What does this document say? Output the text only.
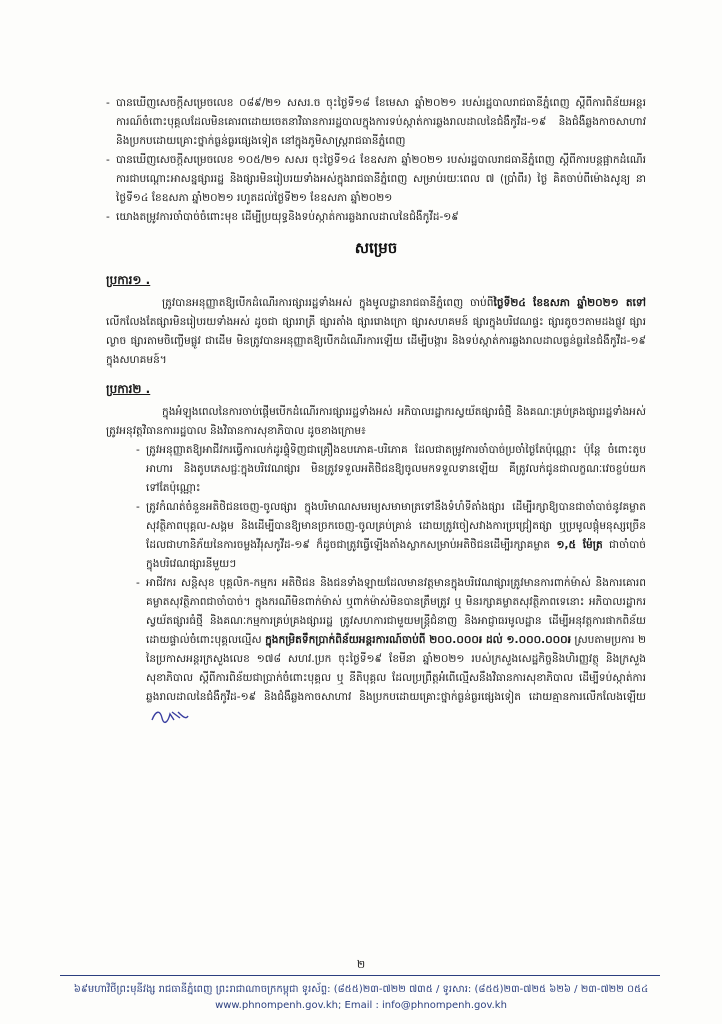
- បានឃើញសេចក្តីសម្រេចលេខ ០៨៩/២១ សសរ.ច ចុះថ្ងៃទី១៨ ខែមេសា ឆ្នាំ២០២១ របស់រដ្ឋបាលរាជធានីភ្នំពេញ ស្តីពីការពិន័យអន្តរការណ៍ចំពោះបុគ្គលដែលមិនគោរពដោយចេតនាវិធានការរដ្ឋបាលក្នុងការទប់ស្កាត់ការឆ្លងរាលដាលនៃជំងឺកូវីដ-១៩ និងជំងឺឆ្លងកាចសាហាវ និងប្រកបដោយគ្រោះថ្នាក់ធ្ងន់ធ្ងរផ្សេងទៀត នៅក្នុងភូមិសាស្ត្ររាជធានីភ្នំពេញ
- បានឃើញសេចក្តីសម្រេចលេខ ១០៥/២១ សសរ ចុះថ្ងៃទី១៤ ខែឧសភា ឆ្នាំ២០២១ របស់រដ្ឋបាលរាជធានីភ្នំពេញ ស្តីពីការបន្តផ្អាកដំណើរការជាបណ្តោះអាសន្នផ្សាររដ្ឋ និងផ្សារមិនរៀបរយទាំងអស់ក្នុងរាជធានីភ្នំពេញ សម្រាប់រយៈពេល ៧ (ប្រាំពីរ) ថ្ងៃ គិតចាប់ពីម៉ោងសូន្យ នាថ្ងៃទី១៤ ខែឧសភា ឆ្នាំ២០២១ រហូតដល់ថ្ងៃទី២១ ខែឧសភា ឆ្នាំ២០២១
- យោងតម្រូវការចាំបាច់ចំពោះមុខ ដើម្បីប្រយុទ្ធនិងទប់ស្កាត់ការឆ្លងរាលដាលនៃជំងឺកូវីដ-១៩
សម្រេច
ប្រការ១ .

ត្រូវបានអនុញ្ញាតឱ្យបើកដំណើរការផ្សាររដ្ឋទាំងអស់ ក្នុងមូលដ្ឋានរាជធានីភ្នំពេញ ចាប់ពីថ្ងៃទី២៤ ខែឧសភា ឆ្នាំ២០២១ តទៅ លើកលែងតែផ្សារមិនរៀបរយទាំងអស់ ដូចជា ផ្សាររាត្រី ផ្សារតាំង ផ្សាររោងក្រោ ផ្សារសហគមន៍ ផ្សារក្នុងបរិវេណផ្ទះ ផ្សារតូចៗតាមដងផ្លូវ ផ្សារល្ងាច ផ្សារតាមចិញ្ចើមផ្លូវ ជាដើម មិនត្រូវបានអនុញ្ញាតឱ្យបើកដំណើរការឡើយ ដើម្បីបង្ការ និងទប់ស្កាត់ការឆ្លងរាលដាលធ្ងន់ធ្ងរនៃជំងឺកូវីដ-១៩ ក្នុងសហគមន៍។

ប្រការ២ .

ក្នុងអំឡុងពេលនៃការចាប់ផ្តើមបើកដំណើរការផ្សាររដ្ឋទាំងអស់ អភិបាលរដ្ឋាករស្វយ័តផ្សារធំថ្មី និងគណៈគ្រប់គ្រងផ្សាររដ្ឋទាំងអស់ ត្រូវអនុវត្តវិធានការរដ្ឋបាល និងវិធានការសុខាភិបាល ដូចខាងក្រោម៖

- ត្រូវអនុញ្ញាតឱ្យអាជីវករធ្វើការលក់ដូរផ្ទុំទិញជាគ្រឿងឧបភោគ-បរិភោគ ដែលជាតម្រូវការចាំបាច់ប្រចាំថ្ងៃតែប៉ុណ្ណោះ ប៉ុន្តែ ចំពោះតូបអាហារ និងតូបភេសជ្ជៈក្នុងបរិវេណផ្សារ មិនត្រូវទទួលអតិថិជនឱ្យចូលមកទទួលទានឡើយ គឺត្រូវលក់ជូនជាលក្ខណៈវេចខ្ចប់យកទៅតែប៉ុណ្ណោះ
- ត្រូវកំណត់ចំនួនអតិថិជនចេញ-ចូលផ្សារ ក្នុងបរិមាណសមរម្យសមាមាត្រទៅនឹងទំហំទីតាំងផ្សារ ដើម្បីរក្សាឱ្យបានជាចាំបាច់នូវគម្លាតសុវត្ថិភាពបុគ្គល-សង្គម និងដើម្បីបានឱ្យមានច្រកចេញ-ចូលគ្រប់គ្រាន់ ដោយត្រូវចៀសវាងការប្រជ្រៀតផ្សា ឬប្រមូលផ្តុំមនុស្សច្រើន ដែលជាហានិភ័យនៃការចម្លងវីរុសកូវីដ-១៩ ក៏ដូចជាត្រូវធ្វើឡើងតាំងស្លាកសម្រាប់អតិថិជនដើម្បីរក្សាគម្លាត ១,៥ ម៉ែត្រ ជាចាំបាច់ក្នុងបរិវេណផ្សារនីមួយៗ
- អាជីវករ សន្តិសុខ បុគ្គលិក-កម្មករ អតិថិជន និងជនទាំងឡាយដែលមានវត្តមានក្នុងបរិវេណផ្សារត្រូវមានការពាក់ម៉ាស់ និងការគោរពគម្លាតសុវត្ថិភាពជាចាំបាច់។ ក្នុងករណីមិនពាក់ម៉ាស់ ឬពាក់ម៉ាស់មិនបានត្រឹមត្រូវ ឬ មិនរក្សាគម្លាតសុវត្ថិភាពទេនោះ អភិបាលរដ្ឋាករស្វយ័តផ្សារធំថ្មី និងគណៈកម្មការគ្រប់គ្រងផ្សាររដ្ឋ ត្រូវសហការជាមួយមន្ត្រីជំនាញ និងអាជ្ញាធរមូលដ្ឋាន ដើម្បីអនុវត្តការផាកពិន័យដោយផ្ទាល់ចំពោះបុគ្គលល្មើស ក្នុងកម្រិតទឹកប្រាក់ពិន័យអន្តរការណ៍ចាប់ពី ២០០.០០០៛ ដល់ ១.០០០.០០០៛ ស្របតាមប្រការ ២ នៃប្រកាសអន្តរក្រសួងលេខ ១៧៨ សហវ.ប្រក ចុះថ្ងៃទី១៩ ខែមីនា ឆ្នាំ២០២១ របស់ក្រសួងសេដ្ឋកិច្ចនិងហិរញ្ញវត្ថុ និងក្រសួងសុខាភិបាល ស្តីពីការពិន័យជាប្រាក់ចំពោះបុគ្គល ឬ នីតិបុគ្គល ដែលប្រព្រឹត្តអំពើល្មើសនឹងវិធានការសុខាភិបាល ដើម្បីទប់ស្កាត់ការឆ្លងរាលដាលនៃជំងឺកូវីដ-១៩ និងជំងឺឆ្លងកាចសាហាវ និងប្រកបដោយគ្រោះថ្នាក់ធ្ងន់ធ្ងរផ្សេងទៀត ដោយគ្មានការលើកលែងឡើយ
២
៦៩មហាវិថីព្រះមុនីវង្ស រាជធានីភ្នំពេញ ព្រះរាជាណាចក្រកម្ពុជា ទូរស័ព្ទ: (៨៥៥)២៣-៧២២ ៧៣៥ / ទូរសារ: (៨៥៥)២៣-៧២៥ ៦២៦ / ២៣-៧២២ ០៥៤
www.phnompenh.gov.kh; Email : info@phnompenh.gov.kh
